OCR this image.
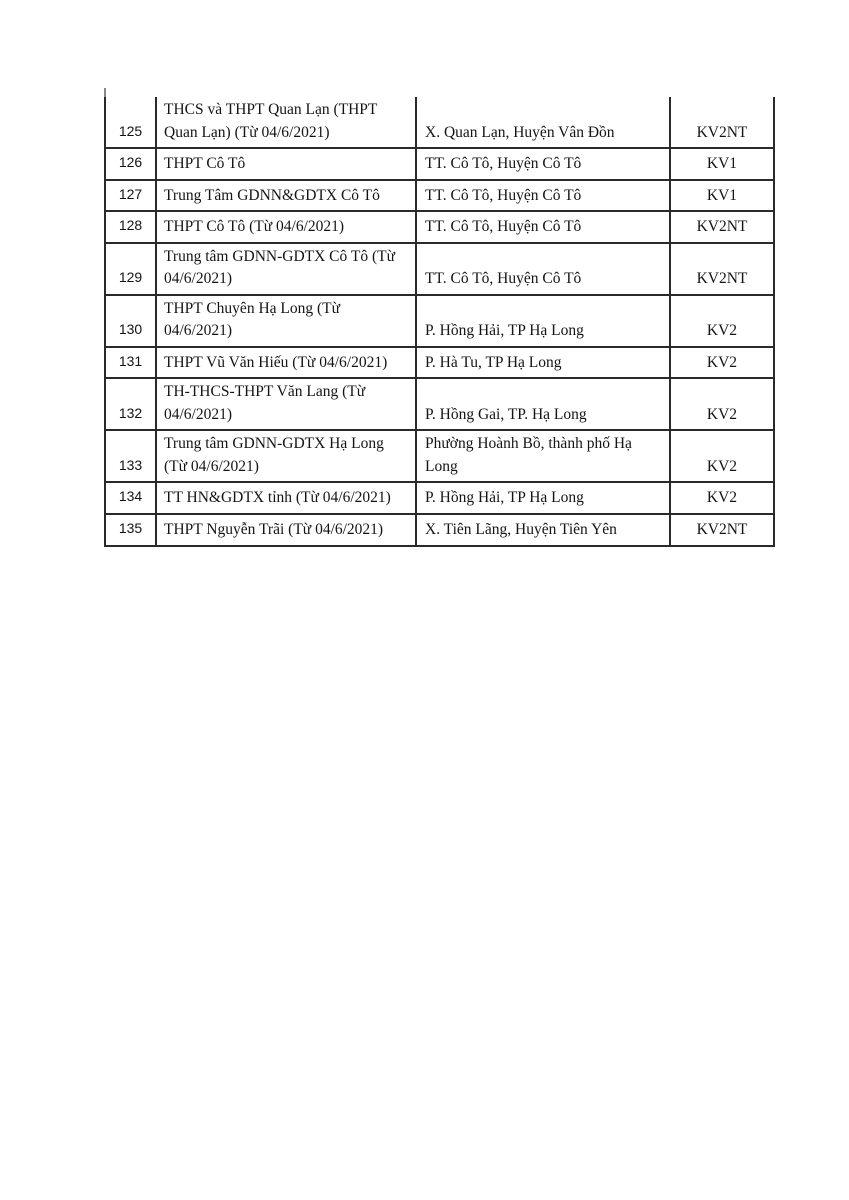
125	THCS và THPT Quan Lạn (THPT Quan Lạn) (Từ 04/6/2021)	X. Quan Lạn, Huyện Vân Đồn	KV2NT
126	THPT Cô Tô	TT. Cô Tô, Huyện Cô Tô	KV1
127	Trung Tâm GDNN&GDTX Cô Tô	TT. Cô Tô, Huyện Cô Tô	KV1
128	THPT Cô Tô (Từ 04/6/2021)	TT. Cô Tô, Huyện Cô Tô	KV2NT
129	Trung tâm GDNN-GDTX Cô Tô (Từ 04/6/2021)	TT. Cô Tô, Huyện Cô Tô	KV2NT
130	THPT Chuyên Hạ Long (Từ 04/6/2021)	P. Hồng Hải, TP Hạ Long	KV2
131	THPT Vũ Văn Hiếu (Từ 04/6/2021)	P. Hà Tu, TP Hạ Long	KV2
132	TH-THCS-THPT Văn Lang (Từ 04/6/2021)	P. Hồng Gai, TP. Hạ Long	KV2
133	Trung tâm GDNN-GDTX Hạ Long (Từ 04/6/2021)	Phường Hoành Bồ, thành phố Hạ Long	KV2
134	TT HN&GDTX tỉnh (Từ 04/6/2021)	P. Hồng Hải, TP Hạ Long	KV2
135	THPT Nguyễn Trãi (Từ 04/6/2021)	X. Tiên Lãng, Huyện Tiên Yên	KV2NT
